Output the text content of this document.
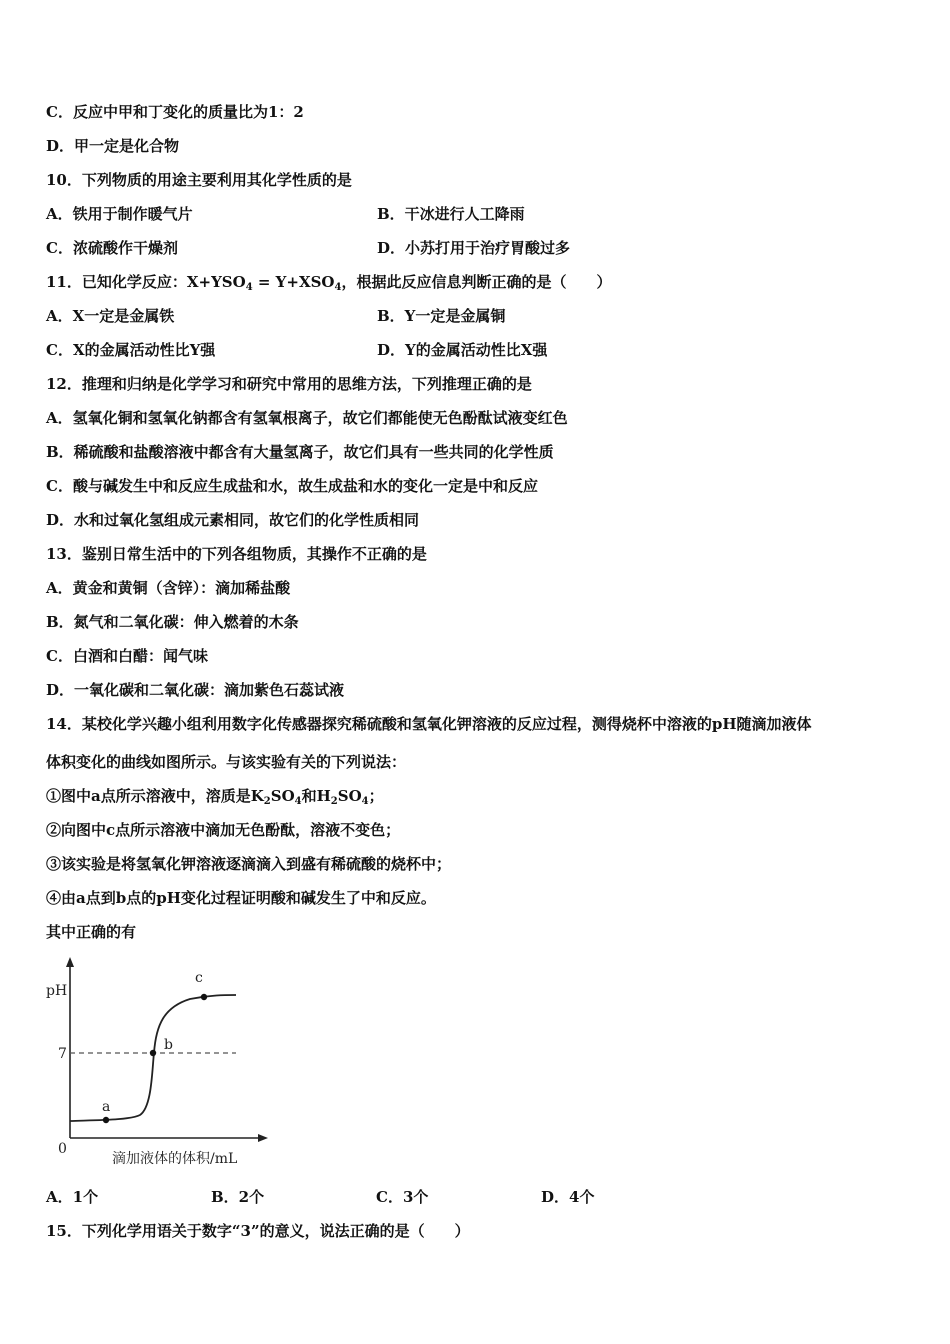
C．反应中甲和丁变化的质量比为1：2
D．甲一定是化合物
10．下列物质的用途主要利用其化学性质的是
A．铁用于制作暖气片	B．干冰进行人工降雨
C．浓硫酸作干燥剂	D．小苏打用于治疗胃酸过多
11．已知化学反应：$X+YSO_4 = Y+XSO_4$，根据此反应信息判断正确的是（　　）
A．X一定是金属铁	B．Y一定是金属铜
C．X的金属活动性比Y强	D．Y的金属活动性比X强
12．推理和归纳是化学学习和研究中常用的思维方法，下列推理正确的是
A．氢氧化铜和氢氧化钠都含有氢氧根离子，故它们都能使无色酚酞试液变红色
B．稀硫酸和盐酸溶液中都含有大量氢离子，故它们具有一些共同的化学性质
C．酸与碱发生中和反应生成盐和水，故生成盐和水的变化一定是中和反应
D．水和过氧化氢组成元素相同，故它们的化学性质相同
13．鉴别日常生活中的下列各组物质，其操作不正确的是
A．黄金和黄铜（含锌）：滴加稀盐酸
B．氮气和二氧化碳：伸入燃着的木条
C．白酒和白醋：闻气味
D．一氧化碳和二氧化碳：滴加紫色石蕊试液
14．某校化学兴趣小组利用数字化传感器探究稀硫酸和氢氧化钾溶液的反应过程，测得烧杯中溶液的pH随滴加液体
体积变化的曲线如图所示。与该实验有关的下列说法：
①图中a点所示溶液中，溶质是$K_2SO_4$和$H_2SO_4$；
②向图中c点所示溶液中滴加无色酚酞，溶液不变色；
③该实验是将氢氧化钾溶液逐滴滴入到盛有稀硫酸的烧杯中；
④由a点到b点的pH变化过程证明酸和碱发生了中和反应。
其中正确的有
pH
7
0
a
b
c
滴加液体的体积/mL
A．1个	B．2个	C．3个	D．4个
15．下列化学用语关于数字“3”的意义，说法正确的是（　　）
